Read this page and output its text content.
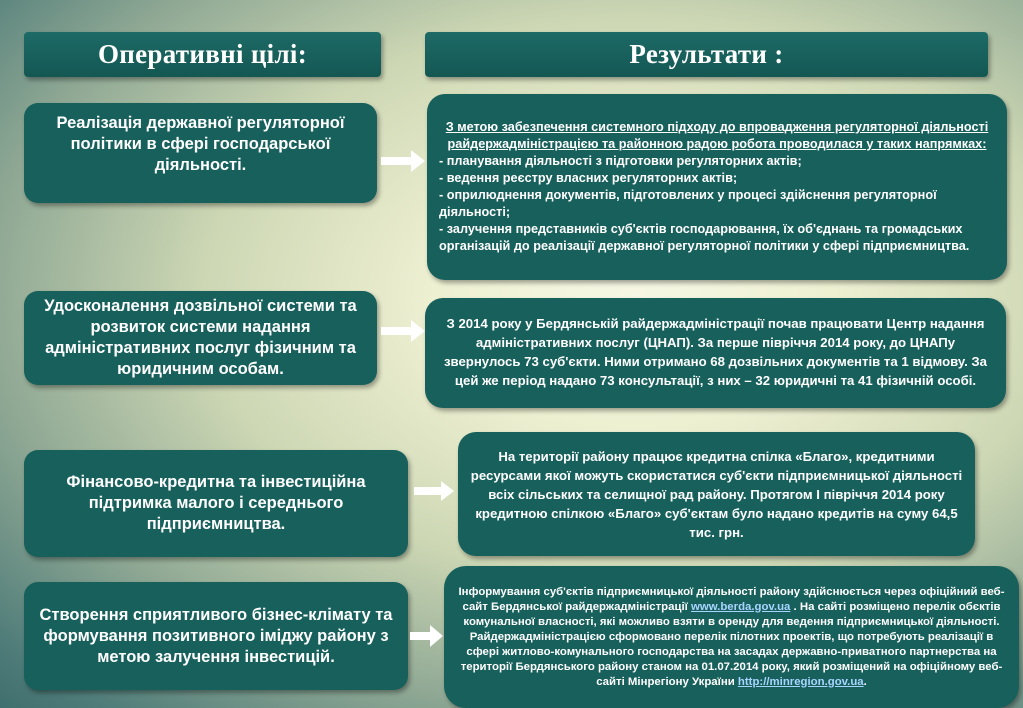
Оперативні цілі:	Результати :
Реалізація державної регуляторної політики в сфері господарської діяльності.
З метою забезпечення системного підходу до впровадження регуляторної діяльності райдержадміністрацією та районною радою робота проводилася у таких напрямках:
- планування діяльності з підготовки регуляторних актів;
- ведення реєстру власних регуляторних актів;
- оприлюднення документів, підготовлених у процесі здійснення регуляторної діяльності;
- залучення представників суб'єктів господарювання, їх об'єднань та громадських організацій до реалізації державної регуляторної політики у сфері підприємництва.
Удосконалення дозвільної системи та розвиток системи надання адміністративних послуг фізичним та юридичним особам.
З 2014 року у Бердянській райдержадміністрації почав працювати Центр надання адміністративних послуг (ЦНАП). За перше півріччя 2014 року, до ЦНАПу звернулось 73 суб'єкти. Ними отримано 68 дозвільних документів та 1 відмову. За цей же період надано 73 консультації, з них – 32 юридичні та 41 фізичній особі.
Фінансово-кредитна та інвестиційна підтримка малого і середнього підприємництва.
На території району працює кредитна спілка «Благо», кредитними ресурсами якої можуть скористатися суб'єкти підприємницької діяльності всіх сільських та селищної рад району. Протягом I півріччя 2014 року кредитною спілкою «Благо» суб'єктам було надано кредитів на суму 64,5 тис. грн.
Створення сприятливого бізнес-клімату та формування позитивного іміджу району з метою залучення інвестицій.
Інформування суб'єктів підприємницької діяльності району здійснюється через офіційний веб-сайт Бердянської райдержадміністрації www.berda.gov.ua . На сайті розміщено перелік обєктів комунальної власності, які можливо взяти в оренду для ведення підприємницької діяльності.
Райдержадміністрацією сформовано перелік пілотних проектів, що потребують реалізації в сфері житлово-комунального господарства на засадах державно-приватного партнерства на території Бердянського району станом на 01.07.2014 року, який розміщений на офіційному веб-сайті Мінрегіону України http://minregion.gov.ua.
